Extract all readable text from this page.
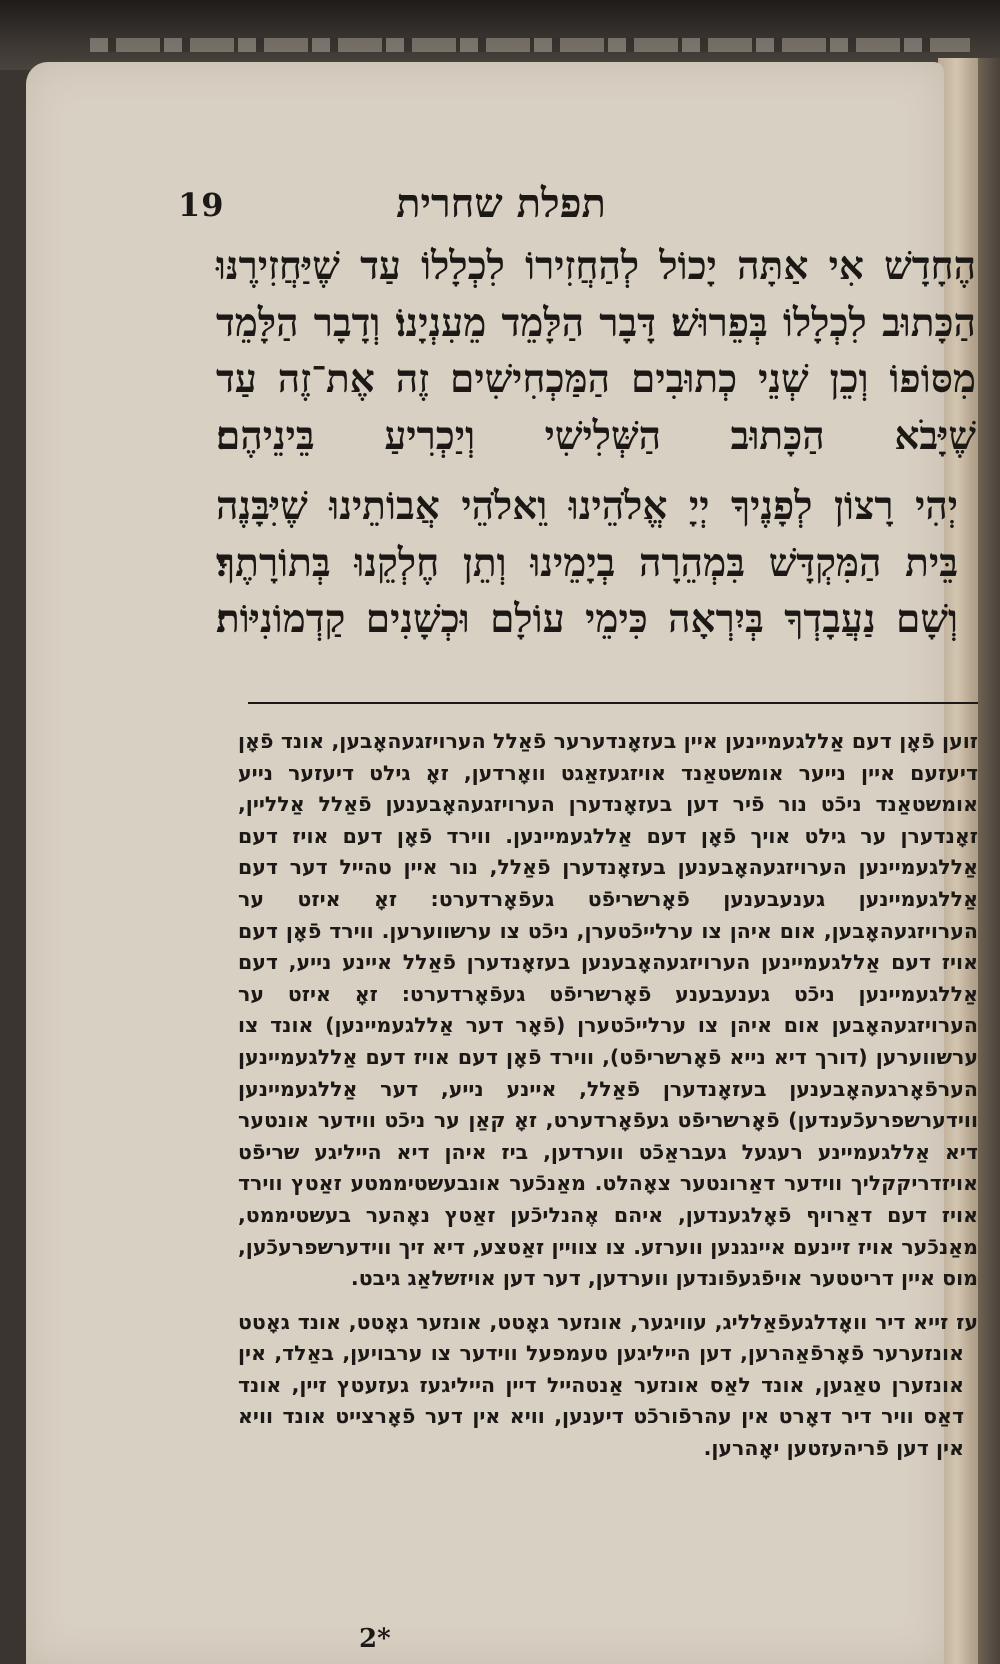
19	תפלת שחרית

הֶחָדָשׁ אִי אַתָּה יָכוֹל לְהַחֲזִירוֹ לִכְלָלוֹ עַד שֶׁיַּחֲזִירֶנּוּ הַכָּתוּב לִכְלָלוֹ בְּפֵרוּשׁ׃ דָּבָר הַלָּמֵד מֵעִנְיָנוֹ׃ וְדָבָר הַלָּמֵד מִסּוֹפוֹ וְכֵן שְׁנֵי כְתוּבִים הַמַּכְחִישִׁים זֶה אֶת־זֶה עַד שֶׁיָּבֹא הַכָּתוּב הַשְּׁלִישִׁי וְיַכְרִיעַ בֵּינֵיהֶם׃

יְהִי רָצוֹן לְפָנֶיךָ יְיָ אֱלֹהֵינוּ וֵאלֹהֵי אֲבוֹתֵינוּ שֶׁיִּבָּנֶה בֵּית הַמִּקְדָּשׁ בִּמְהֵרָה בְיָמֵינוּ וְתֵן חֶלְקֵנוּ בְּתוֹרָתֶךָ׃ וְשָׁם נַעֲבָדְךָ בְּיִרְאָה כִּימֵי עוֹלָם וּכְשָׁנִים קַדְמוֹנִיּוֹת׃

זוען פֿאָן דעם אַללגעמיינען איין בעזאָנדערער פֿאַלל הערויזגעהאָבען, אונד פֿאָן דיעזעם איין נייער אומשטאַנד אויזגעזאַגט וואָרדען, זאָ גילט דיעזער נייע אומשטאַנד ניכֿט נור פֿיר דען בעזאָנדערן הערויזגעהאָבענען פֿאַלל אַלליין, זאָנדערן ער גילט אויך פֿאָן דעם אַללגעמיינען. ווירד פֿאָן דעם אויז דעם אַללגעמיינען הערויזגעהאָבענען בעזאָנדערן פֿאַלל, נור איין טהייל דער דעם אַללגעמיינען גענעבענען פֿאָרשריפֿט געפֿאָרדערט: זאָ איזט ער הערויזגעהאָבען, אום איהן צו ערלייכֿטערן, ניכֿט צו ערשווערען. ווירד פֿאָן דעם אויז דעם אַללגעמיינען הערויזגעהאָבענען בעזאָנדערן פֿאַלל איינע נייע, דעם אַללגעמיינען ניכֿט גענעבענע פֿאָרשריפֿט געפֿאָרדערט: זאָ איזט ער הערויזגעהאָבען אום איהן צו ערלייכֿטערן (פֿאָר דער אַללגעמיינען) אונד צו ערשווערען (דורך דיא נייא פֿאָרשריפֿט), ווירד פֿאָן דעם אויז דעם אַללגעמיינען הערפֿאָרגעהאָבענען בעזאָנדערן פֿאַלל, איינע נייע, דער אַללגעמיינען ווידערשפרעכֿענדען) פֿאָרשריפֿט געפֿאָרדערט, זאָ קאַן ער ניכֿט ווידער אונטער דיא אַללגעמיינע רעגעל געבראַכֿט ווערדען, ביז איהן דיא הייליגע שריפֿט אויזדריקקליך ווידער דאַרונטער צאָהלט. מאַנכֿער אונבעשטיממטע זאַטץ ווירד אויז דעם דאַרויף פֿאָלגענדען, איהם אֶהנליכֿען זאַטץ נאָהער בעשטיממט, מאַנכֿער אויז זיינעם איינגנען ווערזע. צו צוויין זאַטצע, דיא זיך ווידערשפרעכֿען, מוס איין דריטטער אויפֿגעפֿונדען ווערדען, דער דען אויזשלאַג גיבט.

עז זייא דיר וואָדלגעפֿאַלליג, עוויגער, אונזער גאָטט, אונזער גאָטט, אונד גאָטט אונזערער פֿאָרפֿאַהרען, דען הייליגען טעמפעל ווידער צו ערבויען, באַלד, אין אונזערן טאַגען, אונד לאַס אונזער אַנטהייל דיין הייליגעז געזעטץ זיין, אונד דאַס וויר דיר דאָרט אין עהרפֿורכֿט דיענען, וויא אין דער פֿאָרצייט אונד וויא אין דען פֿריהעזטען יאָהרען.

2*
